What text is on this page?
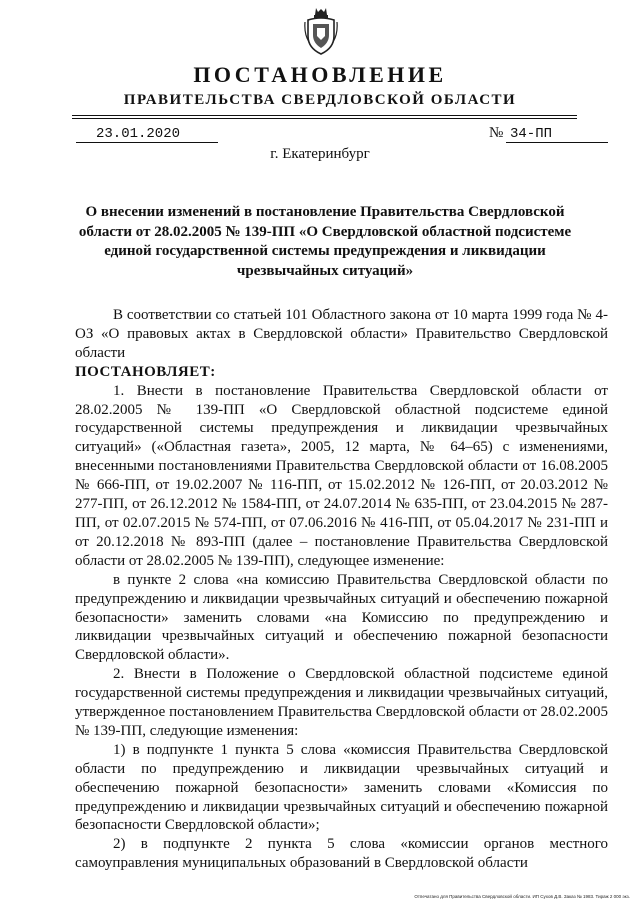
ПОСТАНОВЛЕНИЕ
ПРАВИТЕЛЬСТВА СВЕРДЛОВСКОЙ ОБЛАСТИ
23.01.2020	№ 34-ПП
г. Екатеринбург
О внесении изменений в постановление Правительства Свердловской области от 28.02.2005 № 139-ПП «О Свердловской областной подсистеме единой государственной системы предупреждения и ликвидации чрезвычайных ситуаций»

В соответствии со статьей 101 Областного закона от 10 марта 1999 года № 4-ОЗ «О правовых актах в Свердловской области» Правительство Свердловской области

ПОСТАНОВЛЯЕТ:

1. Внести в постановление Правительства Свердловской области от 28.02.2005 № 139-ПП «О Свердловской областной подсистеме единой государственной системы предупреждения и ликвидации чрезвычайных ситуаций» («Областная газета», 2005, 12 марта, № 64–65) с изменениями, внесенными постановлениями Правительства Свердловской области от 16.08.2005 № 666-ПП, от 19.02.2007 № 116-ПП, от 15.02.2012 № 126-ПП, от 20.03.2012 № 277-ПП, от 26.12.2012 № 1584-ПП, от 24.07.2014 № 635-ПП, от 23.04.2015 № 287-ПП, от 02.07.2015 № 574-ПП, от 07.06.2016 № 416-ПП, от 05.04.2017 № 231-ПП и от 20.12.2018 № 893-ПП (далее – постановление Правительства Свердловской области от 28.02.2005 № 139-ПП), следующее изменение:

в пункте 2 слова «на комиссию Правительства Свердловской области по предупреждению и ликвидации чрезвычайных ситуаций и обеспечению пожарной безопасности» заменить словами «на Комиссию по предупреждению и ликвидации чрезвычайных ситуаций и обеспечению пожарной безопасности Свердловской области».

2. Внести в Положение о Свердловской областной подсистеме единой государственной системы предупреждения и ликвидации чрезвычайных ситуаций, утвержденное постановлением Правительства Свердловской области от 28.02.2005 № 139-ПП, следующие изменения:

1) в подпункте 1 пункта 5 слова «комиссия Правительства Свердловской области по предупреждению и ликвидации чрезвычайных ситуаций и обеспечению пожарной безопасности» заменить словами «Комиссия по предупреждению и ликвидации чрезвычайных ситуаций и обеспечению пожарной безопасности Свердловской области»;

2) в подпункте 2 пункта 5 слова «комиссии органов местного самоуправления муниципальных образований в Свердловской области

Отпечатано для Правительства Свердловской области. ИП Сухов Д.В. Заказ № 1983. Тираж 2 000 экз.
